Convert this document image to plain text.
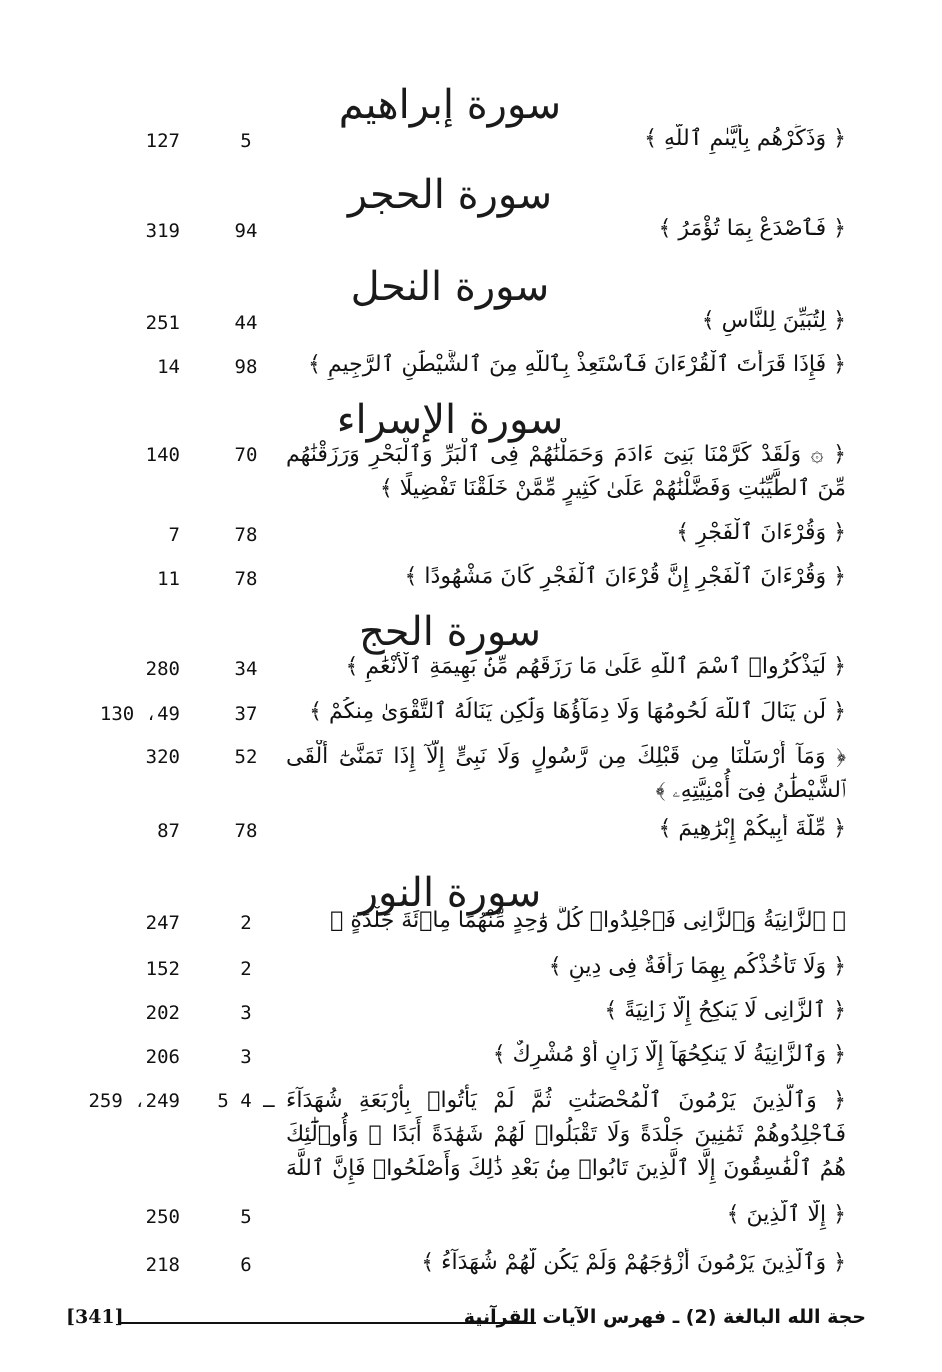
سورة إبراهيم
﴿ وَذَكِّرْهُم بِأَيَّىٰمِ ٱللَّهِ ﴾
5
127
سورة الحجر
﴿ فَٱصْدَعْ بِمَا تُؤْمَرُ ﴾
94
319
سورة النحل
﴿ لِتُبَيِّنَ لِلنَّاسِ ﴾
44
251
﴿ فَإِذَا قَرَأْتَ ٱلْقُرْءَانَ فَٱسْتَعِذْ بِٱللَّهِ مِنَ ٱلشَّيْطَٰنِ ٱلرَّجِيمِ ﴾
98
14
سورة الإسراء
﴿ ۞ وَلَقَدْ كَرَّمْنَا بَنِىٓ ءَادَمَ وَحَمَلْنَٰهُمْ فِى ٱلْبَرِّ وَٱلْبَحْرِ وَرَزَقْنَٰهُم مِّنَ ٱلطَّيِّبَٰتِ وَفَضَّلْنَٰهُمْ عَلَىٰ كَثِيرٍ مِّمَّنْ خَلَقْنَا تَفْضِيلًا ﴾
70
140
﴿ وَقُرْءَانَ ٱلْفَجْرِ ﴾
78
7
﴿ وَقُرْءَانَ ٱلْفَجْرِ إِنَّ قُرْءَانَ ٱلْفَجْرِ كَانَ مَشْهُودًا ﴾
78
11
سورة الحج
﴿ لِّيَذْكُرُوا۟ ٱسْمَ ٱللَّهِ عَلَىٰ مَا رَزَقَهُم مِّنۢ بَهِيمَةِ ٱلْأَنْعَٰمِ ﴾
34
280
﴿ لَن يَنَالَ ٱللَّهَ لُحُومُهَا وَلَا دِمَآؤُهَا وَلَٰكِن يَنَالُهُ ٱلتَّقْوَىٰ مِنكُمْ ﴾
37
130 ،49
﴿ وَمَآ أَرْسَلْنَا مِن قَبْلِكَ مِن رَّسُولٍ وَلَا نَبِىٍّ إِلَّآ إِذَا تَمَنَّىٰٓ أَلْقَى ٱلشَّيْطَٰنُ فِىٓ أُمْنِيَّتِهِۦ ﴾
52
320
﴿ مِّلَّةَ أَبِيكُمْ إِبْرَٰهِيمَ ﴾
78
87
سورة النور
﴿ ٱلزَّانِيَةُ وَٱلزَّانِى فَٱجْلِدُوا۟ كُلَّ وَٰحِدٍ مِّنْهُمَا مِا۟ئَةَ جَلْدَةٍ ﴾
2
247
﴿ وَلَا تَأْخُذْكُم بِهِمَا رَأْفَةٌ فِى دِينِ ﴾
2
152
﴿ ٱلزَّانِى لَا يَنكِحُ إِلَّا زَانِيَةً ﴾
3
202
﴿ وَٱلزَّانِيَةُ لَا يَنكِحُهَآ إِلَّا زَانٍ أَوْ مُشْرِكٌ ﴾
3
206
﴿ وَٱلَّذِينَ يَرْمُونَ ٱلْمُحْصَنَٰتِ ثُمَّ لَمْ يَأْتُوا۟ بِأَرْبَعَةِ شُهَدَآءَ فَٱجْلِدُوهُمْ ثَمَٰنِينَ جَلْدَةً وَلَا تَقْبَلُوا۟ لَهُمْ شَهَٰدَةً أَبَدًا ۚ وَأُو۟لَٰٓئِكَ هُمُ ٱلْفَٰسِقُونَ إِلَّا ٱلَّذِينَ تَابُوا۟ مِنۢ بَعْدِ ذَٰلِكَ وَأَصْلَحُوا۟ فَإِنَّ ٱللَّهَ
5 ـ 4
259 ،249
﴿ إِلَّا ٱلَّذِينَ ﴾
5
250
﴿ وَٱلَّذِينَ يَرْمُونَ أَزْوَٰجَهُمْ وَلَمْ يَكُن لَّهُمْ شُهَدَآءُ ﴾
6
218
[341]	حجة الله البالغة (2) ـ فهرس الآيات القرآنية
